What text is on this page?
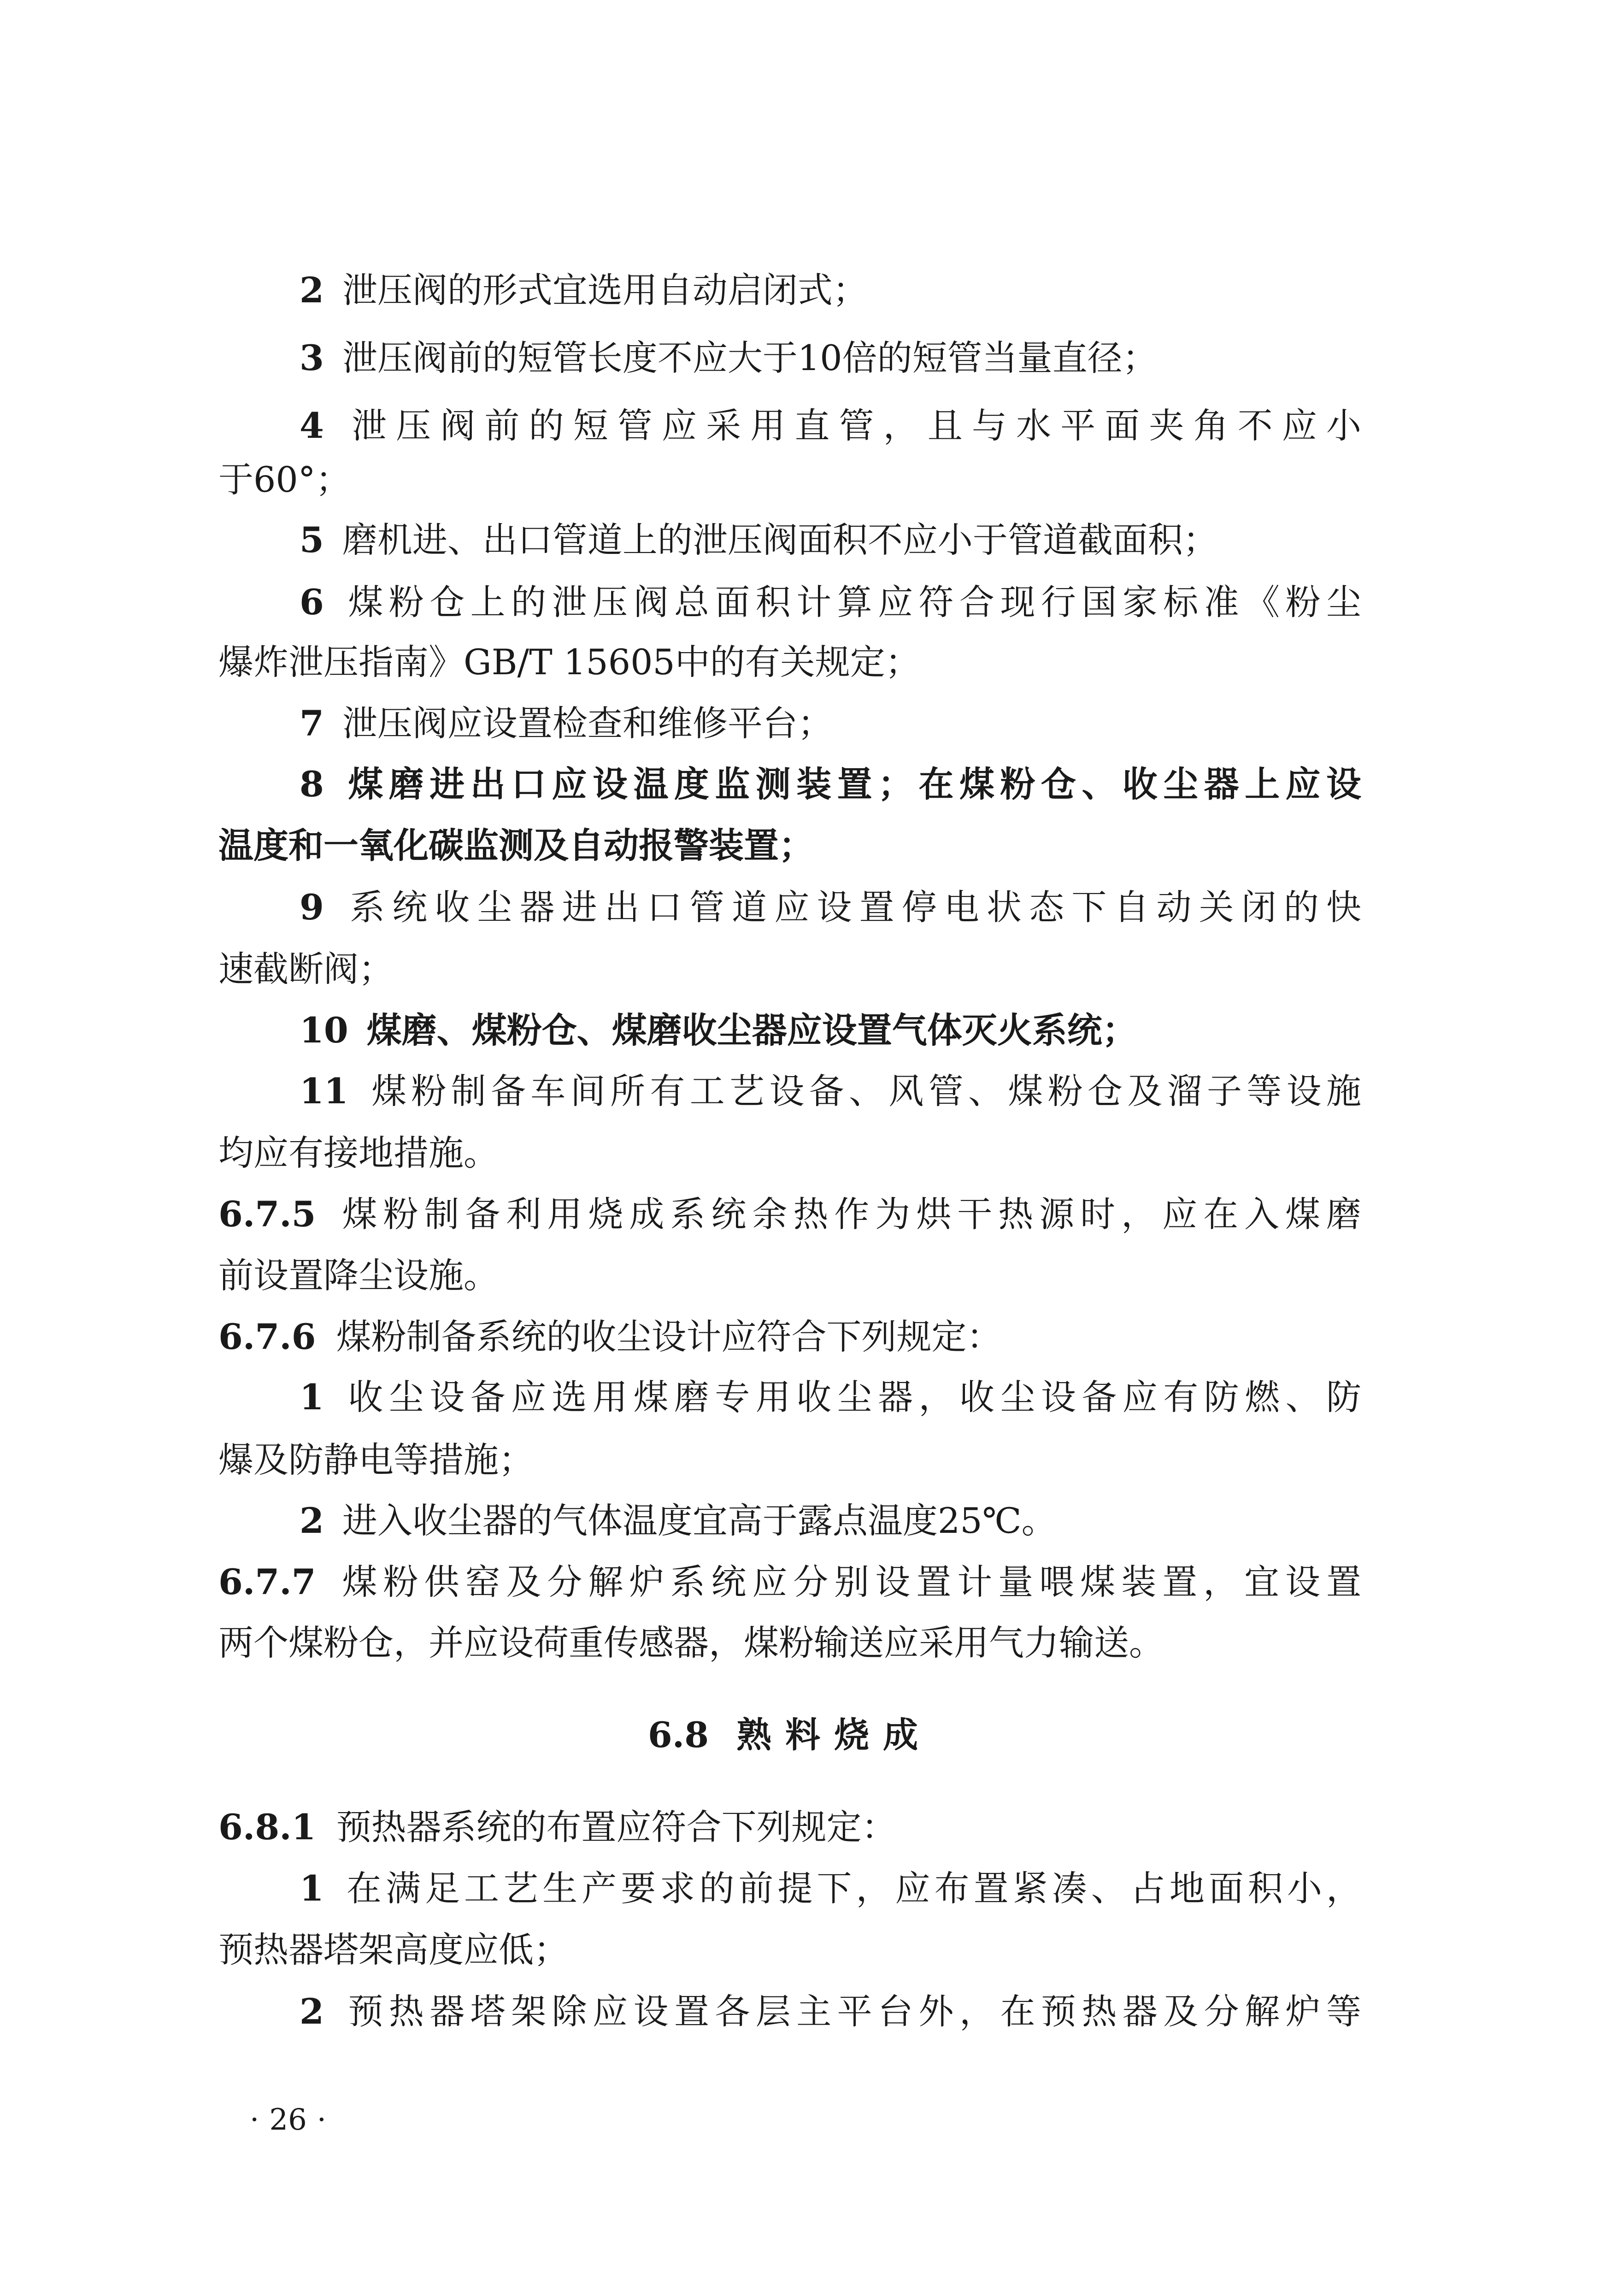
2 泄压阀的形式宜选用自动启闭式；
3 泄压阀前的短管长度不应大于10倍的短管当量直径；
4 泄压阀前的短管应采用直管，且与水平面夹角不应小
于60°；
5 磨机进、出口管道上的泄压阀面积不应小于管道截面积；
6 煤粉仓上的泄压阀总面积计算应符合现行国家标准《粉尘
爆炸泄压指南》GB/T 15605中的有关规定；
7 泄压阀应设置检查和维修平台；
8 煤磨进出口应设温度监测装置；在煤粉仓、收尘器上应设
温度和一氧化碳监测及自动报警装置；
9 系统收尘器进出口管道应设置停电状态下自动关闭的快
速截断阀；
10 煤磨、煤粉仓、煤磨收尘器应设置气体灭火系统；
11 煤粉制备车间所有工艺设备、风管、煤粉仓及溜子等设施
均应有接地措施。
6.7.5 煤粉制备利用烧成系统余热作为烘干热源时，应在入煤磨
前设置降尘设施。
6.7.6 煤粉制备系统的收尘设计应符合下列规定：
1 收尘设备应选用煤磨专用收尘器，收尘设备应有防燃、防
爆及防静电等措施；
2 进入收尘器的气体温度宜高于露点温度25℃。
6.7.7 煤粉供窑及分解炉系统应分别设置计量喂煤装置，宜设置
两个煤粉仓，并应设荷重传感器，煤粉输送应采用气力输送。
6.8 熟料烧成
6.8.1 预热器系统的布置应符合下列规定：
1 在满足工艺生产要求的前提下，应布置紧凑、占地面积小，
预热器塔架高度应低；
2 预热器塔架除应设置各层主平台外，在预热器及分解炉等
· 26 ·
